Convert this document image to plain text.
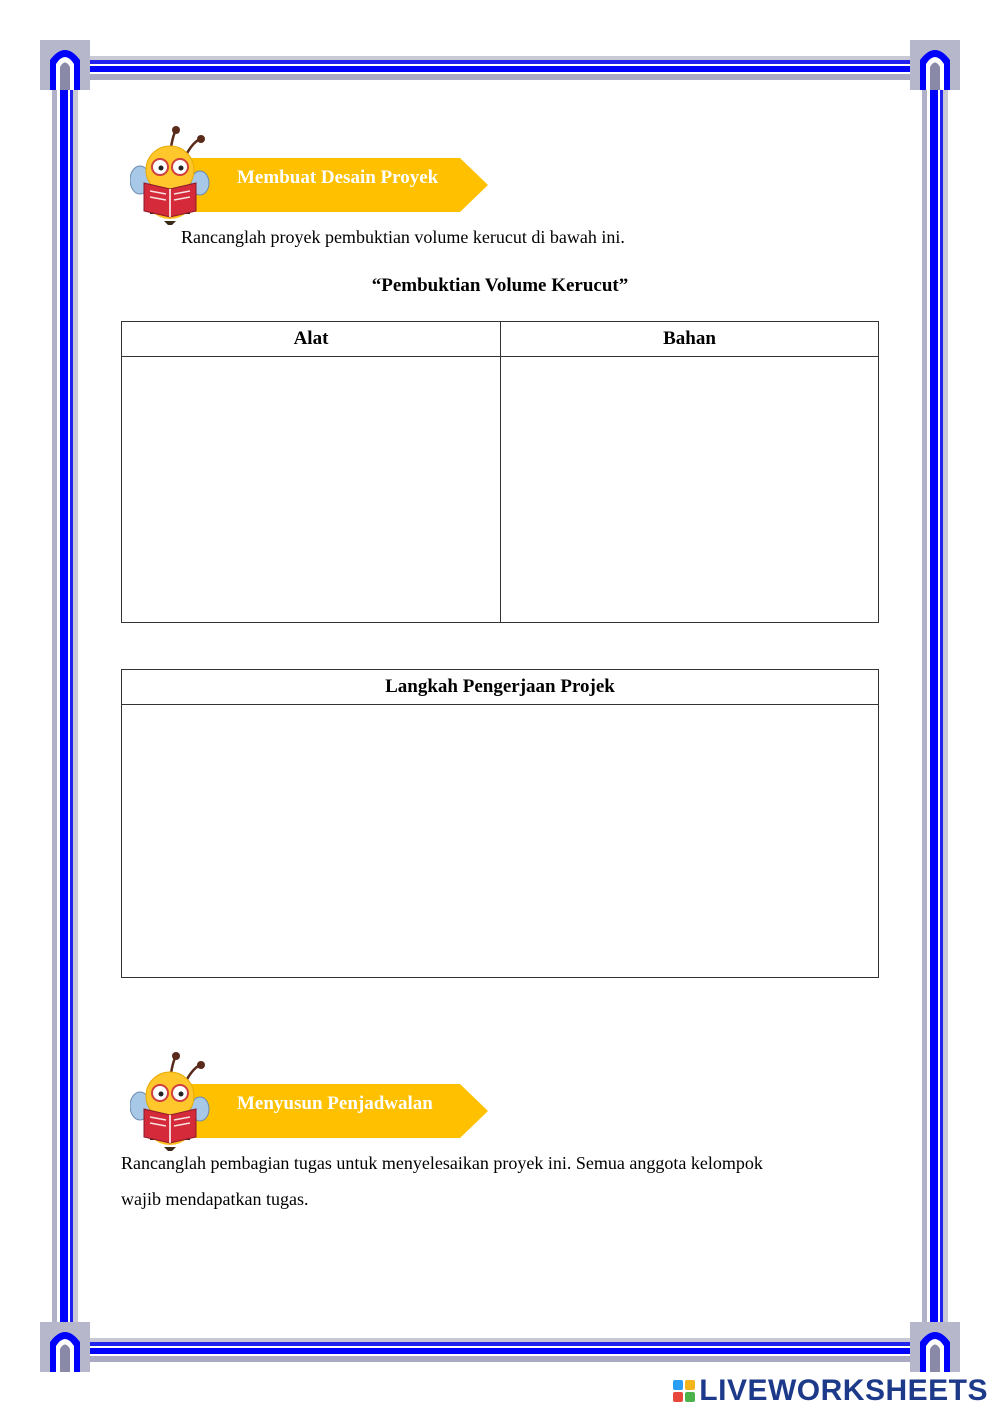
Membuat Desain Proyek
Rancanglah proyek pembuktian volume kerucut di bawah ini.
“Pembuktian Volume Kerucut”
Alat	Bahan

Langkah Pengerjaan Projek

Menyusun Penjadwalan
Rancanglah pembagian tugas untuk menyelesaikan proyek ini. Semua anggota kelompok
wajib mendapatkan tugas.
LIVEWORKSHEETS
